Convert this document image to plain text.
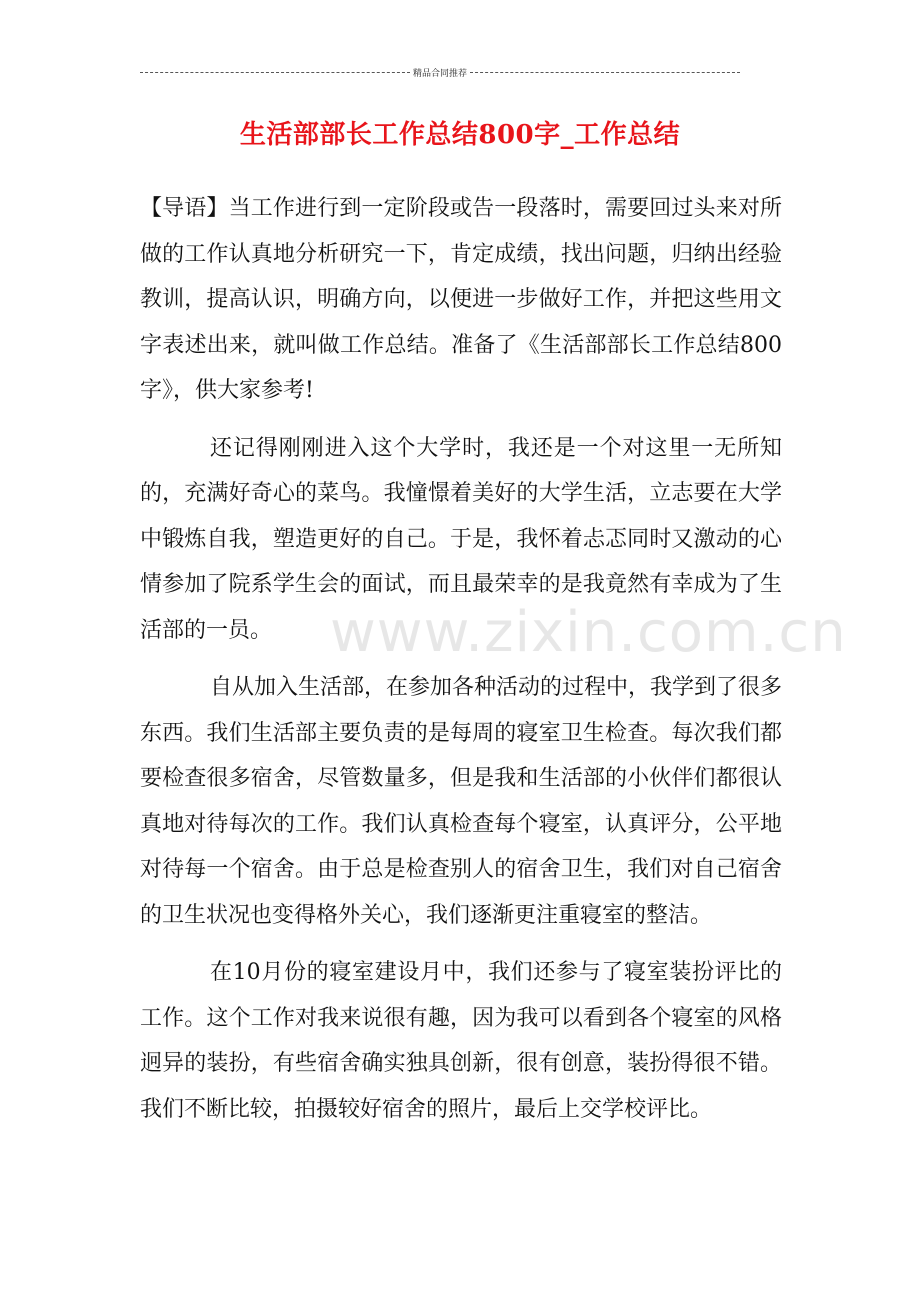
精品合同推荐
生活部部长工作总结800字_工作总结

【导语】当工作进行到一定阶段或告一段落时，需要回过头来对所做的工作认真地分析研究一下，肯定成绩，找出问题，归纳出经验教训，提高认识，明确方向，以便进一步做好工作，并把这些用文字表述出来，就叫做工作总结。准备了《生活部部长工作总结800字》，供大家参考!

还记得刚刚进入这个大学时，我还是一个对这里一无所知的，充满好奇心的菜鸟。我憧憬着美好的大学生活，立志要在大学中锻炼自我，塑造更好的自己。于是，我怀着忐忑同时又激动的心情参加了院系学生会的面试，而且最荣幸的是我竟然有幸成为了生活部的一员。

自从加入生活部，在参加各种活动的过程中，我学到了很多东西。我们生活部主要负责的是每周的寝室卫生检查。每次我们都要检查很多宿舍，尽管数量多，但是我和生活部的小伙伴们都很认真地对待每次的工作。我们认真检查每个寝室，认真评分，公平地对待每一个宿舍。由于总是检查别人的宿舍卫生，我们对自己宿舍的卫生状况也变得格外关心，我们逐渐更注重寝室的整洁。

在10月份的寝室建设月中，我们还参与了寝室装扮评比的工作。这个工作对我来说很有趣，因为我可以看到各个寝室的风格迥异的装扮，有些宿舍确实独具创新，很有创意，装扮得很不错。我们不断比较，拍摄较好宿舍的照片，最后上交学校评比。

www.zixin.com.cn
